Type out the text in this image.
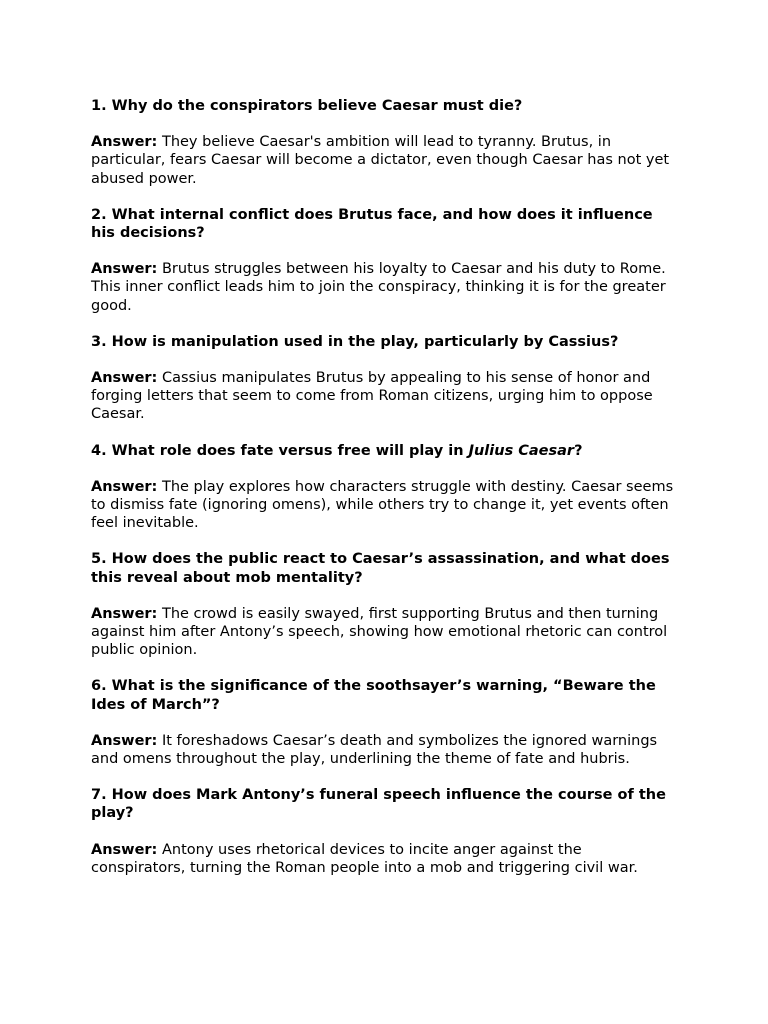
1. Why do the conspirators believe Caesar must die?

Answer: They believe Caesar's ambition will lead to tyranny. Brutus, in particular, fears Caesar will become a dictator, even though Caesar has not yet abused power.

2. What internal conflict does Brutus face, and how does it influence his decisions?

Answer: Brutus struggles between his loyalty to Caesar and his duty to Rome. This inner conflict leads him to join the conspiracy, thinking it is for the greater good.

3. How is manipulation used in the play, particularly by Cassius?

Answer: Cassius manipulates Brutus by appealing to his sense of honor and forging letters that seem to come from Roman citizens, urging him to oppose Caesar.

4. What role does fate versus free will play in Julius Caesar?

Answer: The play explores how characters struggle with destiny. Caesar seems to dismiss fate (ignoring omens), while others try to change it, yet events often feel inevitable.

5. How does the public react to Caesar’s assassination, and what does this reveal about mob mentality?

Answer: The crowd is easily swayed, first supporting Brutus and then turning against him after Antony’s speech, showing how emotional rhetoric can control public opinion.

6. What is the significance of the soothsayer’s warning, “Beware the Ides of March”?

Answer: It foreshadows Caesar’s death and symbolizes the ignored warnings and omens throughout the play, underlining the theme of fate and hubris.

7. How does Mark Antony’s funeral speech influence the course of the play?

Answer: Antony uses rhetorical devices to incite anger against the conspirators, turning the Roman people into a mob and triggering civil war.
